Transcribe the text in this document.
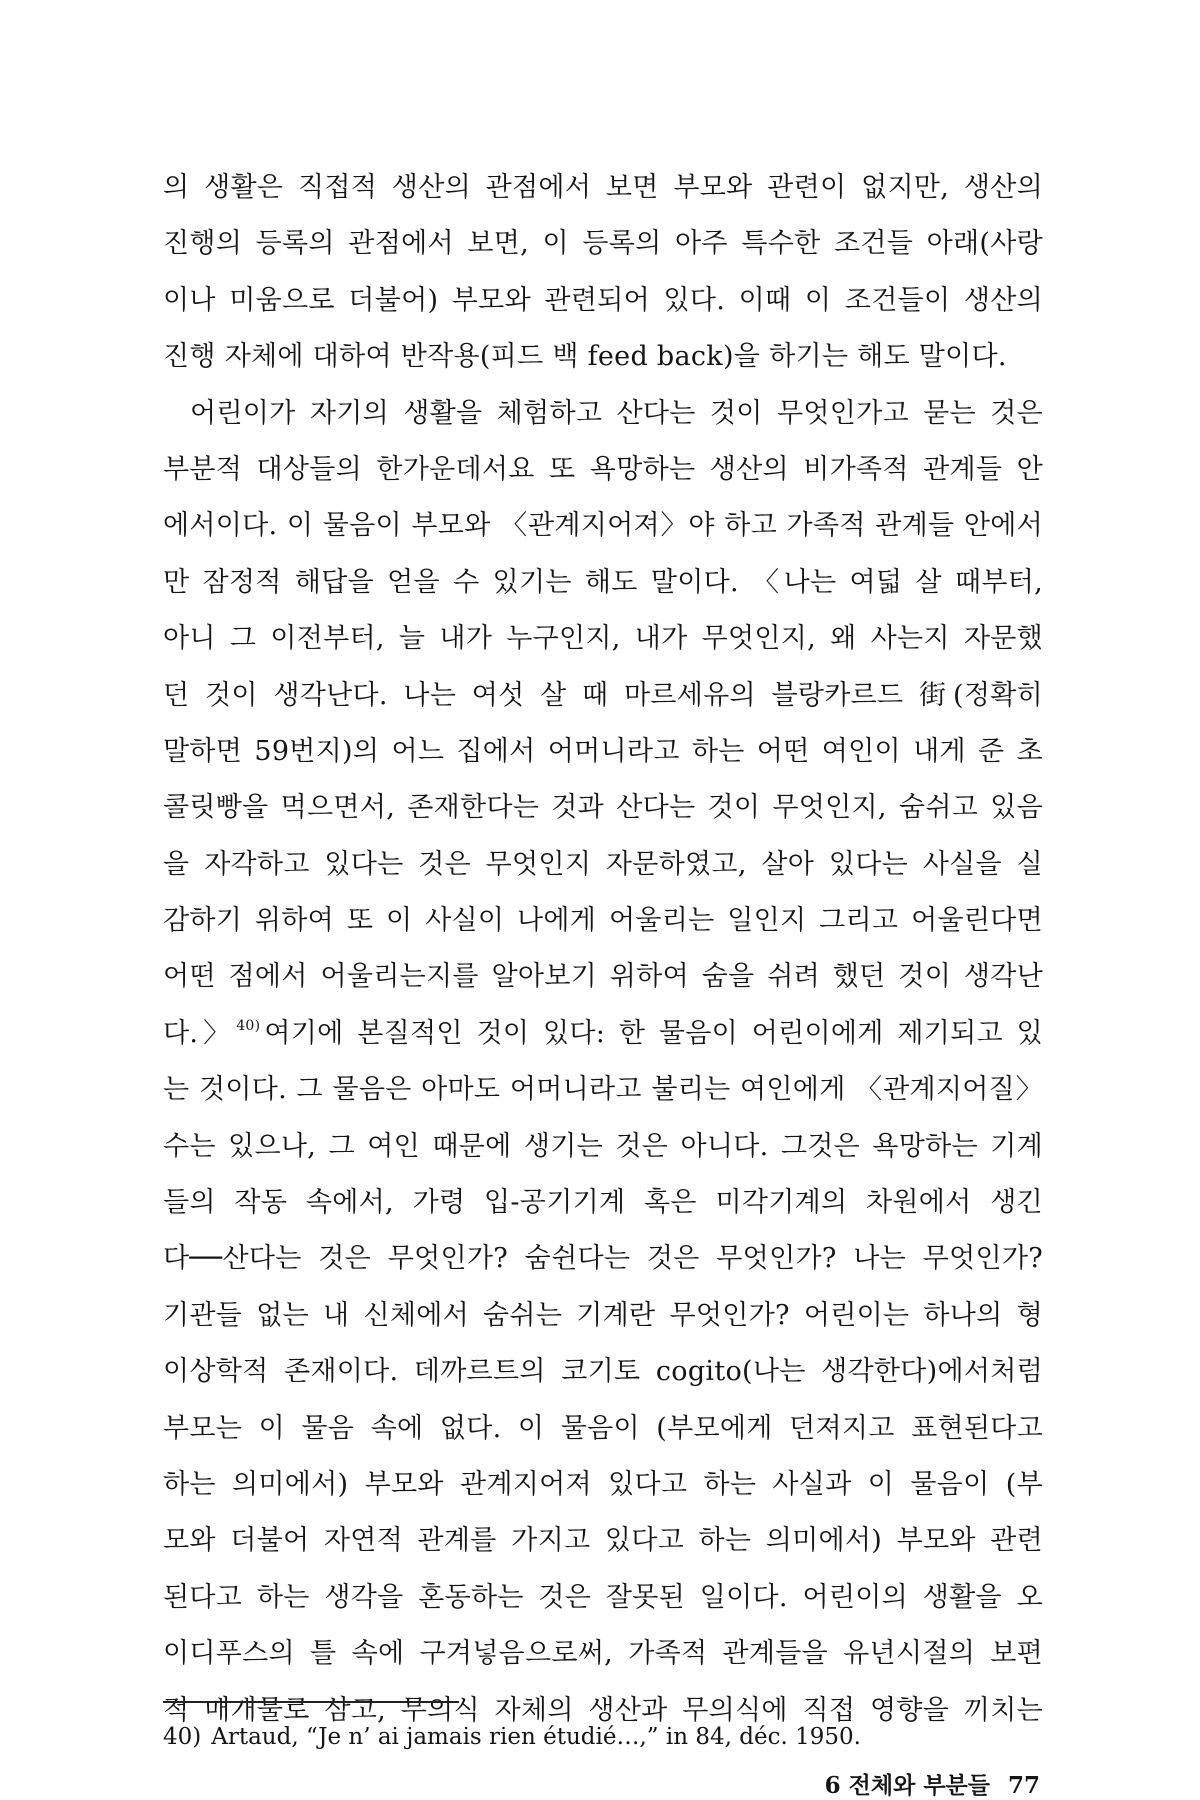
의 생활은 직접적 생산의 관점에서 보면 부모와 관련이 없지만, 생산의
진행의 등록의 관점에서 보면, 이 등록의 아주 특수한 조건들 아래(사랑
이나 미움으로 더불어) 부모와 관련되어 있다. 이때 이 조건들이 생산의
진행 자체에 대하여 반작용(피드 백 feed back)을 하기는 해도 말이다.
어린이가 자기의 생활을 체험하고 산다는 것이 무엇인가고 묻는 것은
부분적 대상들의 한가운데서요 또 욕망하는 생산의 비가족적 관계들 안
에서이다. 이 물음이 부모와 〈관계지어져〉야 하고 가족적 관계들 안에서
만 잠정적 해답을 얻을 수 있기는 해도 말이다. 〈나는 여덟 살 때부터,
아니 그 이전부터, 늘 내가 누구인지, 내가 무엇인지, 왜 사는지 자문했
던 것이 생각난다. 나는 여섯 살 때 마르세유의 블랑카르드 街(정확히
말하면 59번지)의 어느 집에서 어머니라고 하는 어떤 여인이 내게 준 초
콜릿빵을 먹으면서, 존재한다는 것과 산다는 것이 무엇인지, 숨쉬고 있음
을 자각하고 있다는 것은 무엇인지 자문하였고, 살아 있다는 사실을 실
감하기 위하여 또 이 사실이 나에게 어울리는 일인지 그리고 어울린다면
어떤 점에서 어울리는지를 알아보기 위하여 숨을 쉬려 했던 것이 생각난
다.〉$^{40)}$ 여기에 본질적인 것이 있다: 한 물음이 어린이에게 제기되고 있
는 것이다. 그 물음은 아마도 어머니라고 불리는 여인에게 〈관계지어질〉
수는 있으나, 그 여인 때문에 생기는 것은 아니다. 그것은 욕망하는 기계
들의 작동 속에서, 가령 입-공기기계 혹은 미각기계의 차원에서 생긴
다──산다는 것은 무엇인가? 숨쉰다는 것은 무엇인가? 나는 무엇인가?
기관들 없는 내 신체에서 숨쉬는 기계란 무엇인가? 어린이는 하나의 형
이상학적 존재이다. 데까르트의 코기토 cogito(나는 생각한다)에서처럼
부모는 이 물음 속에 없다. 이 물음이 (부모에게 던져지고 표현된다고
하는 의미에서) 부모와 관계지어져 있다고 하는 사실과 이 물음이 (부
모와 더불어 자연적 관계를 가지고 있다고 하는 의미에서) 부모와 관련
된다고 하는 생각을 혼동하는 것은 잘못된 일이다. 어린이의 생활을 오
이디푸스의 틀 속에 구겨넣음으로써, 가족적 관계들을 유년시절의 보편
적 매개물로 삼고, 무의식 자체의 생산과 무의식에 직접 영향을 끼치는
40) Artaud, “Je n’ ai jamais rien étudié…,” in 84, déc. 1950.
6 전체와 부분들 77
